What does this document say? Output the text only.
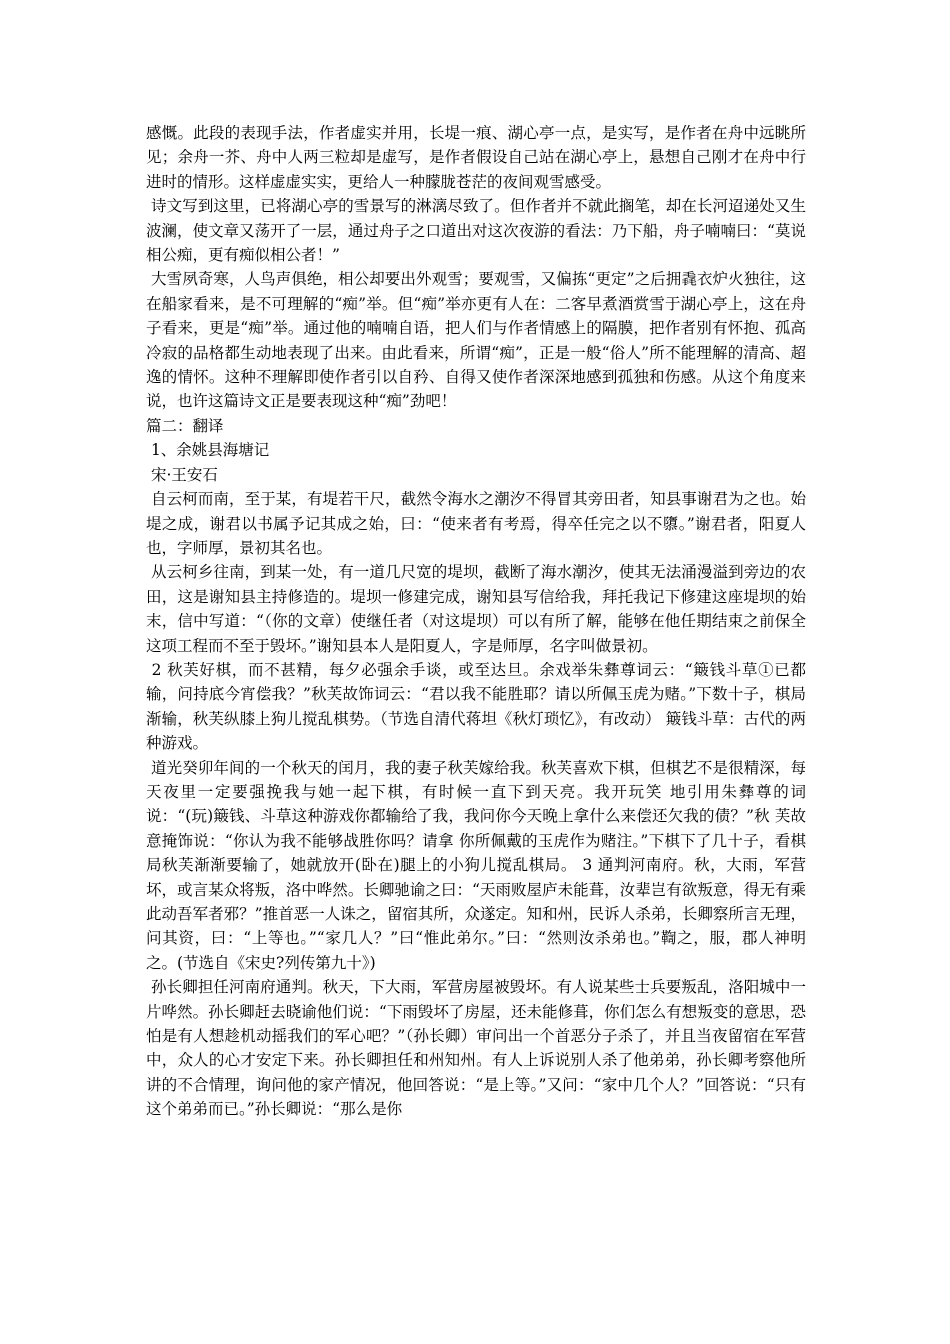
感慨。此段的表现手法，作者虚实并用，长堤一痕、湖心亭一点，是实写，是作者在舟中远眺所见；余舟一芥、舟中人两三粒却是虚写，是作者假设自己站在湖心亭上，悬想自己刚才在舟中行进时的情形。这样虚虚实实，更给人一种朦胧苍茫的夜间观雪感受。

诗文写到这里，已将湖心亭的雪景写的淋漓尽致了。但作者并不就此搁笔，却在长河迢递处又生波澜，使文章又荡开了一层，通过舟子之口道出对这次夜游的看法：乃下船，舟子喃喃曰：“莫说相公痴，更有痴似相公者！”

大雪夙奇寒，人鸟声俱绝，相公却要出外观雪；要观雪，又偏拣“更定”之后拥毳衣炉火独往，这在船家看来，是不可理解的“痴”举。但“痴”举亦更有人在：二客早煮酒赏雪于湖心亭上，这在舟子看来，更是“痴”举。通过他的喃喃自语，把人们与作者情感上的隔膜，把作者别有怀抱、孤高冷寂的品格都生动地表现了出来。由此看来，所谓“痴”，正是一般“俗人”所不能理解的清高、超逸的情怀。这种不理解即使作者引以自矜、自得又使作者深深地感到孤独和伤感。从这个角度来说，也许这篇诗文正是要表现这种“痴”劲吧！

篇二：翻译

1、余姚县海塘记

宋·王安石

自云柯而南，至于某，有堤若干尺，截然令海水之潮汐不得冒其旁田者，知县事谢君为之也。始堤之成，谢君以书属予记其成之始，曰：“使来者有考焉，得卒任完之以不隳。”谢君者，阳夏人也，字师厚，景初其名也。

从云柯乡往南，到某一处，有一道几尺宽的堤坝，截断了海水潮汐，使其无法涌漫溢到旁边的农田，这是谢知县主持修造的。堤坝一修建完成，谢知县写信给我，拜托我记下修建这座堤坝的始末，信中写道：“（你的文章）使继任者（对这堤坝）可以有所了解，能够在他任期结束之前保全这项工程而不至于毁坏。”谢知县本人是阳夏人，字是师厚，名字叫做景初。

2 秋芙好棋，而不甚精，每夕必强余手谈，或至达旦。余戏举朱彝尊词云：“簸钱斗草①已都输，问持底今宵偿我？”秋芙故饰词云：“君以我不能胜耶？请以所佩玉虎为赌。”下数十子，棋局渐输，秋芙纵膝上狗儿搅乱棋势。（节选自清代蒋坦《秋灯琐忆》，有改动） 簸钱斗草：古代的两种游戏。

道光癸卯年间的一个秋天的闰月，我的妻子秋芙嫁给我。秋芙喜欢下棋，但棋艺不是很精深，每天夜里一定要强挽我与她一起下棋，有时候一直下到天亮。我开玩笑 地引用朱彝尊的词说：“(玩)簸钱、斗草这种游戏你都输给了我，我问你今天晚上拿什么来偿还欠我的债？”秋 芙故意掩饰说：“你认为我不能够战胜你吗？请拿 你所佩戴的玉虎作为赌注。”下棋下了几十子，看棋局秋芙渐渐要输了，她就放开(卧在)腿上的小狗儿搅乱棋局。 3 通判河南府。秋，大雨，军营坏，或言某众将叛，洛中哗然。长卿驰谕之曰：“天雨败屋庐未能葺，汝辈岂有欲叛意，得无有乘此动吾军者邪？”推首恶一人诛之，留宿其所，众遂定。知和州，民诉人杀弟，长卿察所言无理，问其资，曰：“上等也。”“家几人？”曰“惟此弟尔。”曰：“然则汝杀弟也。”鞫之，服，郡人神明之。(节选自《宋史?列传第九十》)

孙长卿担任河南府通判。秋天，下大雨，军营房屋被毁坏。有人说某些士兵要叛乱，洛阳城中一片哗然。孙长卿赶去晓谕他们说：“下雨毁坏了房屋，还未能修葺，你们怎么有想叛变的意思，恐怕是有人想趁机动摇我们的军心吧？”（孙长卿）审问出一个首恶分子杀了，并且当夜留宿在军营中，众人的心才安定下来。孙长卿担任和州知州。有人上诉说别人杀了他弟弟，孙长卿考察他所讲的不合情理，询问他的家产情况，他回答说：“是上等。”又问：“家中几个人？”回答说：“只有这个弟弟而已。”孙长卿说：“那么是你
